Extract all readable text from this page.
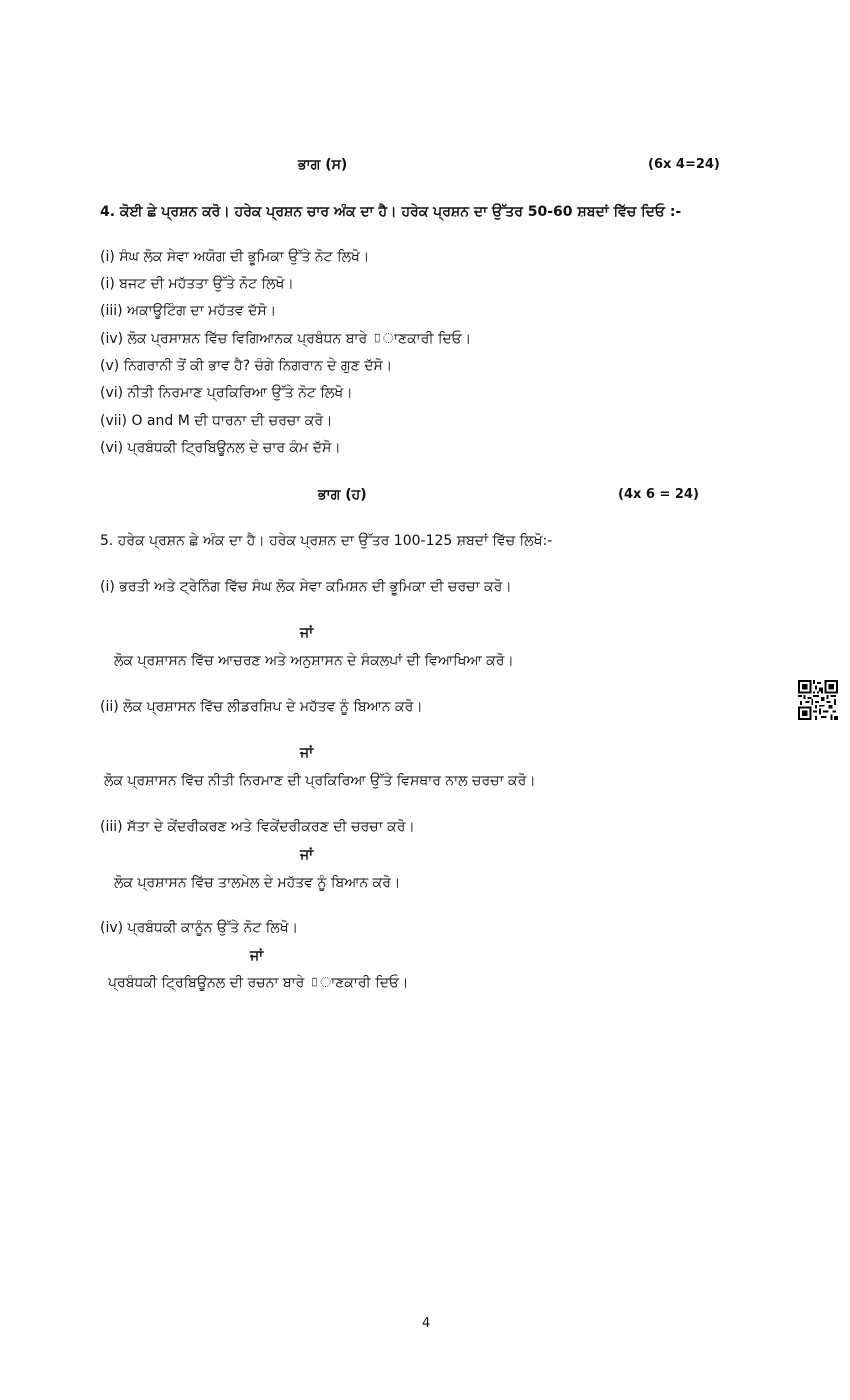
ਭਾਗ (ਸ)	(6x 4=24)
4. ਕੋਈ ਛੇ ਪ੍ਰਸ਼ਨ ਕਰੋ। ਹਰੇਕ ਪ੍ਰਸ਼ਨ ਚਾਰ ਅੰਕ ਦਾ ਹੈ। ਹਰੇਕ ਪ੍ਰਸ਼ਨ ਦਾ ਉੱਤਰ 50-60 ਸ਼ਬਦਾਂ ਵਿੱਚ ਦਿਓ :-
(i) ਸੰਘ ਲੋਕ ਸੇਵਾ ਅਯੋਗ ਦੀ ਭੂਮਿਕਾ ਉੱਤੇ ਨੋਟ ਲਿਖੋ।
(i) ਬਜਟ ਦੀ ਮਹੱਤਤਾ ਉੱਤੇ ਨੋਟ ਲਿਖੋ।
(iii) ਅਕਾਊਟਿੰਗ ਦਾ ਮਹੱਤਵ ਦੱਸੋ।
(iv) ਲੋਕ ਪ੍ਰਸਾਸ਼ਨ ਵਿੱਚ ਵਿਗਿਆਨਕ ਪ੍ਰਬੰਧਨ ਬਾਰੇ ▯ਾਣਕਾਰੀ ਦਿਓ।
(v) ਨਿਗਰਾਨੀ ਤੋਂ ਕੀ ਭਾਵ ਹੈ? ਚੰਗੇ ਨਿਗਰਾਨ ਦੇ ਗੁਣ ਦੱਸੋ।
(vi) ਨੀਤੀ ਨਿਰਮਾਣ ਪ੍ਰਕਿਰਿਆ ਉੱਤੇ ਨੋਟ ਲਿਖੋ।
(vii) O and M ਦੀ ਧਾਰਨਾ ਦੀ ਚਰਚਾ ਕਰੋ।
(vi) ਪ੍ਰਬੰਧਕੀ ਟ੍ਰਿਬਿਊਨਲ ਦੇ ਚਾਰ ਕੰਮ ਦੱਸੋ।
ਭਾਗ (ਹ)	(4x 6 = 24)
5. ਹਰੇਕ ਪ੍ਰਸ਼ਨ ਛੇ ਅੰਕ ਦਾ ਹੈ। ਹਰੇਕ ਪ੍ਰਸ਼ਨ ਦਾ ਉੱਤਰ 100-125 ਸ਼ਬਦਾਂ ਵਿੱਚ ਲਿਖੋ:-
(i) ਭਰਤੀ ਅਤੇ ਟ੍ਰੇਨਿੰਗ ਵਿੱਚ ਸੰਘ ਲੋਕ ਸੇਵਾ ਕਮਿਸ਼ਨ ਦੀ ਭੂਮਿਕਾ ਦੀ ਚਰਚਾ ਕਰੋ।
ਜਾਂ
ਲੋਕ ਪ੍ਰਸ਼ਾਸਨ ਵਿੱਚ ਆਚਰਣ ਅਤੇ ਅਨੁਸ਼ਾਸਨ ਦੇ ਸੰਕਲਪਾਂ ਦੀ ਵਿਆਖਿਆ ਕਰੋ।
(ii) ਲੋਕ ਪ੍ਰਸ਼ਾਸਨ ਵਿੱਚ ਲੀਡਰਸ਼ਿਪ ਦੇ ਮਹੱਤਵ ਨੂੰ ਬਿਆਨ ਕਰੋ।
ਜਾਂ
ਲੋਕ ਪ੍ਰਸ਼ਾਸਨ ਵਿੱਚ ਨੀਤੀ ਨਿਰਮਾਣ ਦੀ ਪ੍ਰਕਿਰਿਆ ਉੱਤੇ ਵਿਸਥਾਰ ਨਾਲ ਚਰਚਾ ਕਰੋ।
(iii) ਸੱਤਾ ਦੇ ਕੇਂਦਰੀਕਰਣ ਅਤੇ ਵਿਕੇਂਦਰੀਕਰਣ ਦੀ ਚਰਚਾ ਕਰੋ।
ਜਾਂ
ਲੋਕ ਪ੍ਰਸ਼ਾਸਨ ਵਿੱਚ ਤਾਲਮੇਲ ਦੇ ਮਹੱਤਵ ਨੂੰ ਬਿਆਨ ਕਰੋ।
(iv) ਪ੍ਰਬੰਧਕੀ ਕਾਨੂੰਨ ਉੱਤੇ ਨੋਟ ਲਿਖੋ।
ਜਾਂ
ਪ੍ਰਬੰਧਕੀ ਟ੍ਰਿਬਿਊਨਲ ਦੀ ਰਚਨਾ ਬਾਰੇ ▯ਾਣਕਾਰੀ ਦਿਓ।
4
